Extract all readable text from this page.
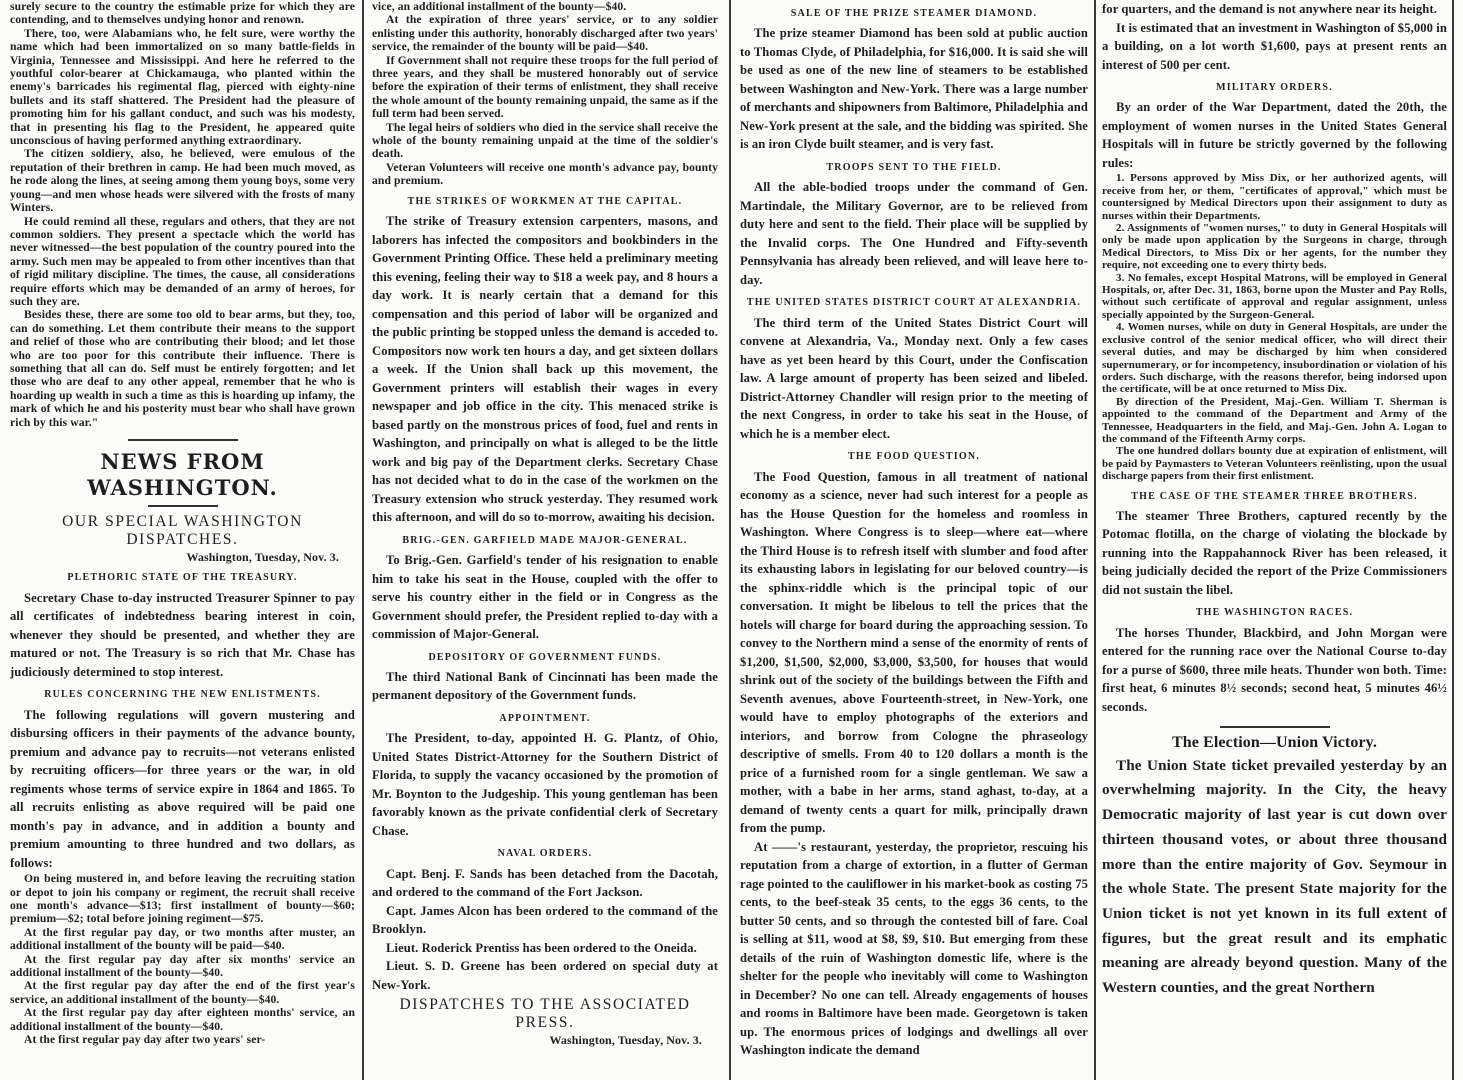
surely secure to the country the estimable prize for which they are contending, and to themselves undying honor and renown.

There, too, were Alabamians who, he felt sure, were worthy the name which had been immortalized on so many battle-fields in Virginia, Tennessee and Mississippi. And here he referred to the youthful color-bearer at Chickamauga, who planted within the enemy's barricades his regimental flag, pierced with eighty-nine bullets and its staff shattered. The President had the pleasure of promoting him for his gallant conduct, and such was his modesty, that in presenting his flag to the President, he appeared quite unconscious of having performed anything extraordinary.

The citizen soldiery, also, he believed, were emulous of the reputation of their brethren in camp. He had been much moved, as he rode along the lines, at seeing among them young boys, some very young—and men whose heads were silvered with the frosts of many Winters.

He could remind all these, regulars and others, that they are not common soldiers. They present a spectacle which the world has never witnessed—the best population of the country poured into the army. Such men may be appealed to from other incentives than that of rigid military discipline. The times, the cause, all considerations require efforts which may be demanded of an army of heroes, for such they are.

Besides these, there are some too old to bear arms, but they, too, can do something. Let them contribute their means to the support and relief of those who are contributing their blood; and let those who are too poor for this contribute their influence. There is something that all can do. Self must be entirely forgotten; and let those who are deaf to any other appeal, remember that he who is hoarding up wealth in such a time as this is hoarding up infamy, the mark of which he and his posterity must bear who shall have grown rich by this war."

NEWS FROM WASHINGTON.
OUR SPECIAL WASHINGTON DISPATCHES.
Washington, Tuesday, Nov. 3.
PLETHORIC STATE OF THE TREASURY.

Secretary Chase to-day instructed Treasurer Spinner to pay all certificates of indebtedness bearing interest in coin, whenever they should be presented, and whether they are matured or not. The Treasury is so rich that Mr. Chase has judiciously determined to stop interest.

RULES CONCERNING THE NEW ENLISTMENTS.

The following regulations will govern mustering and disbursing officers in their payments of the advance bounty, premium and advance pay to recruits—not veterans enlisted by recruiting officers—for three years or the war, in old regiments whose terms of service expire in 1864 and 1865. To all recruits enlisting as above required will be paid one month's pay in advance, and in addition a bounty and premium amounting to three hundred and two dollars, as follows:

On being mustered in, and before leaving the recruiting station or depot to join his company or regiment, the recruit shall receive one month's advance—$13; first installment of bounty—$60; premium—$2; total before joining regiment—$75.

At the first regular pay day, or two months after muster, an additional installment of the bounty will be paid—$40.

At the first regular pay day after six months' service an additional installment of the bounty—$40.

At the first regular pay day after the end of the first year's service, an additional installment of the bounty—$40.

At the first regular pay day after eighteen months' service, an additional installment of the bounty—$40.

At the first regular pay day after two years' ser-

vice, an additional installment of the bounty—$40.

At the expiration of three years' service, or to any soldier enlisting under this authority, honorably discharged after two years' service, the remainder of the bounty will be paid—$40.

If Government shall not require these troops for the full period of three years, and they shall be mustered honorably out of service before the expiration of their terms of enlistment, they shall receive the whole amount of the bounty remaining unpaid, the same as if the full term had been served.

The legal heirs of soldiers who died in the service shall receive the whole of the bounty remaining unpaid at the time of the soldier's death.

Veteran Volunteers will receive one month's advance pay, bounty and premium.

THE STRIKES OF WORKMEN AT THE CAPITAL.

The strike of Treasury extension carpenters, masons, and laborers has infected the compositors and bookbinders in the Government Printing Office. These held a preliminary meeting this evening, feeling their way to $18 a week pay, and 8 hours a day work. It is nearly certain that a demand for this compensation and this period of labor will be organized and the public printing be stopped unless the demand is acceded to. Compositors now work ten hours a day, and get sixteen dollars a week. If the Union shall back up this movement, the Government printers will establish their wages in every newspaper and job office in the city. This menaced strike is based partly on the monstrous prices of food, fuel and rents in Washington, and principally on what is alleged to be the little work and big pay of the Department clerks. Secretary Chase has not decided what to do in the case of the workmen on the Treasury extension who struck yesterday. They resumed work this afternoon, and will do so to-morrow, awaiting his decision.

BRIG.-GEN. GARFIELD MADE MAJOR-GENERAL.

To Brig.-Gen. Garfield's tender of his resignation to enable him to take his seat in the House, coupled with the offer to serve his country either in the field or in Congress as the Government should prefer, the President replied to-day with a commission of Major-General.

DEPOSITORY OF GOVERNMENT FUNDS.

The third National Bank of Cincinnati has been made the permanent depository of the Government funds.

APPOINTMENT.

The President, to-day, appointed H. G. Plantz, of Ohio, United States District-Attorney for the Southern District of Florida, to supply the vacancy occasioned by the promotion of Mr. Boynton to the Judgeship. This young gentleman has been favorably known as the private confidential clerk of Secretary Chase.

NAVAL ORDERS.

Capt. Benj. F. Sands has been detached from the Dacotah, and ordered to the command of the Fort Jackson.

Capt. James Alcon has been ordered to the command of the Brooklyn.

Lieut. Roderick Prentiss has been ordered to the Oneida.

Lieut. S. D. Greene has been ordered on special duty at New-York.

DISPATCHES TO THE ASSOCIATED PRESS.
Washington, Tuesday, Nov. 3.
SALE OF THE PRIZE STEAMER DIAMOND.

The prize steamer Diamond has been sold at public auction to Thomas Clyde, of Philadelphia, for $16,000. It is said she will be used as one of the new line of steamers to be established between Washington and New-York. There was a large number of merchants and shipowners from Baltimore, Philadelphia and New-York present at the sale, and the bidding was spirited. She is an iron Clyde built steamer, and is very fast.

TROOPS SENT TO THE FIELD.

All the able-bodied troops under the command of Gen. Martindale, the Military Governor, are to be relieved from duty here and sent to the field. Their place will be supplied by the Invalid corps. The One Hundred and Fifty-seventh Pennsylvania has already been relieved, and will leave here to-day.

THE UNITED STATES DISTRICT COURT AT ALEXANDRIA.

The third term of the United States District Court will convene at Alexandria, Va., Monday next. Only a few cases have as yet been heard by this Court, under the Confiscation law. A large amount of property has been seized and libeled. District-Attorney Chandler will resign prior to the meeting of the next Congress, in order to take his seat in the House, of which he is a member elect.

THE FOOD QUESTION.

The Food Question, famous in all treatment of national economy as a science, never had such interest for a people as has the House Question for the homeless and roomless in Washington. Where Congress is to sleep—where eat—where the Third House is to refresh itself with slumber and food after its exhausting labors in legislating for our beloved country—is the sphinx-riddle which is the principal topic of our conversation. It might be libelous to tell the prices that the hotels will charge for board during the approaching session. To convey to the Northern mind a sense of the enormity of rents of $1,200, $1,500, $2,000, $3,000, $3,500, for houses that would shrink out of the society of the buildings between the Fifth and Seventh avenues, above Fourteenth-street, in New-York, one would have to employ photographs of the exteriors and interiors, and borrow from Cologne the phraseology descriptive of smells. From 40 to 120 dollars a month is the price of a furnished room for a single gentleman. We saw a mother, with a babe in her arms, stand aghast, to-day, at a demand of twenty cents a quart for milk, principally drawn from the pump.

At ——'s restaurant, yesterday, the proprietor, rescuing his reputation from a charge of extortion, in a flutter of German rage pointed to the cauliflower in his market-book as costing 75 cents, to the beef-steak 35 cents, to the eggs 36 cents, to the butter 50 cents, and so through the contested bill of fare. Coal is selling at $11, wood at $8, $9, $10. But emerging from these details of the ruin of Washington domestic life, where is the shelter for the people who inevitably will come to Washington in December? No one can tell. Already engagements of houses and rooms in Baltimore have been made. Georgetown is taken up. The enormous prices of lodgings and dwellings all over Washington indicate the demand

for quarters, and the demand is not anywhere near its height.

It is estimated that an investment in Washington of $5,000 in a building, on a lot worth $1,600, pays at present rents an interest of 500 per cent.

MILITARY ORDERS.

By an order of the War Department, dated the 20th, the employment of women nurses in the United States General Hospitals will in future be strictly governed by the following rules:

1. Persons approved by Miss Dix, or her authorized agents, will receive from her, or them, "certificates of approval," which must be countersigned by Medical Directors upon their assignment to duty as nurses within their Departments.

2. Assignments of "women nurses," to duty in General Hospitals will only be made upon application by the Surgeons in charge, through Medical Directors, to Miss Dix or her agents, for the number they require, not exceeding one to every thirty beds.

3. No females, except Hospital Matrons, will be employed in General Hospitals, or, after Dec. 31, 1863, borne upon the Muster and Pay Rolls, without such certificate of approval and regular assignment, unless specially appointed by the Surgeon-General.

4. Women nurses, while on duty in General Hospitals, are under the exclusive control of the senior medical officer, who will direct their several duties, and may be discharged by him when considered supernumerary, or for incompetency, insubordination or violation of his orders. Such discharge, with the reasons therefor, being indorsed upon the certificate, will be at once returned to Miss Dix.

By direction of the President, Maj.-Gen. William T. Sherman is appointed to the command of the Department and Army of the Tennessee, Headquarters in the field, and Maj.-Gen. John A. Logan to the command of the Fifteenth Army corps.

The one hundred dollars bounty due at expiration of enlistment, will be paid by Paymasters to Veteran Volunteers reënlisting, upon the usual discharge papers from their first enlistment.

THE CASE OF THE STEAMER THREE BROTHERS.

The steamer Three Brothers, captured recently by the Potomac flotilla, on the charge of violating the blockade by running into the Rappahannock River has been released, it being judicially decided the report of the Prize Commissioners did not sustain the libel.

THE WASHINGTON RACES.

The horses Thunder, Blackbird, and John Morgan were entered for the running race over the National Course to-day for a purse of $600, three mile heats. Thunder won both. Time: first heat, 6 minutes 8½ seconds; second heat, 5 minutes 46½ seconds.

The Election—Union Victory.

The Union State ticket prevailed yesterday by an overwhelming majority. In the City, the heavy Democratic majority of last year is cut down over thirteen thousand votes, or about three thousand more than the entire majority of Gov. Seymour in the whole State. The present State majority for the Union ticket is not yet known in its full extent of figures, but the great result and its emphatic meaning are already beyond question. Many of the Western counties, and the great Northern
